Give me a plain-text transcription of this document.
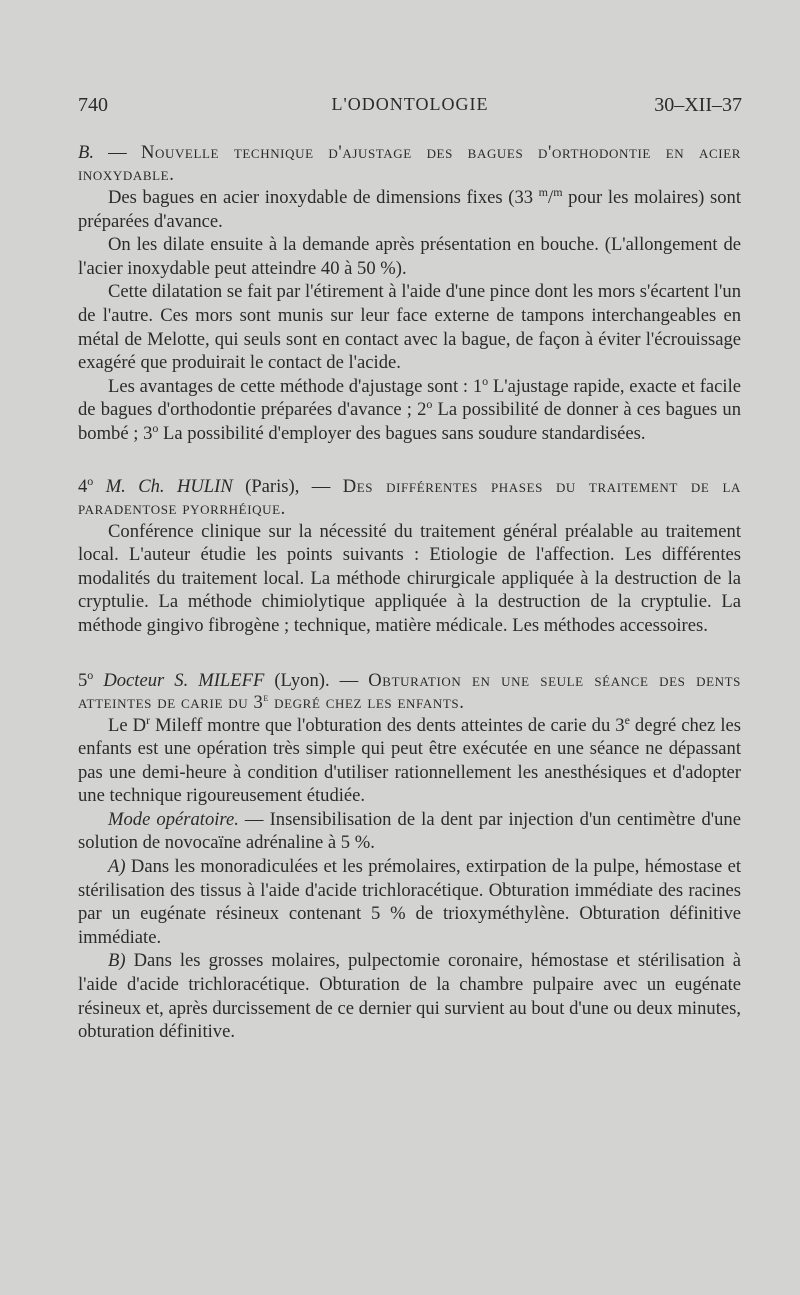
740	L'ODONTOLOGIE	30–XII–37

B. — Nouvelle technique d'ajustage des bagues d'orthodontie en acier inoxydable.

Des bagues en acier inoxydable de dimensions fixes (33 $^m$/$^m$ pour les molaires) sont préparées d'avance.

On les dilate ensuite à la demande après présentation en bouche. (L'allongement de l'acier inoxydable peut atteindre 40 à 50 %).

Cette dilatation se fait par l'étirement à l'aide d'une pince dont les mors s'écartent l'un de l'autre. Ces mors sont munis sur leur face externe de tampons interchangeables en métal de Melotte, qui seuls sont en contact avec la bague, de façon à éviter l'écrouissage exagéré que produirait le contact de l'acide.

Les avantages de cette méthode d'ajustage sont : 1$^o$ L'ajustage rapide, exacte et facile de bagues d'orthodontie préparées d'avance ; 2$^o$ La possibilité de donner à ces bagues un bombé ; 3$^o$ La possibilité d'employer des bagues sans soudure standardisées.

4$^o$ M. Ch. HULIN (Paris), — Des différentes phases du traitement de la paradentose pyorrhéique.

Conférence clinique sur la nécessité du traitement général préalable au traitement local. L'auteur étudie les points suivants : Etiologie de l'affection. Les différentes modalités du traitement local. La méthode chirurgicale appliquée à la destruction de la cryptulie. La méthode chimiolytique appliquée à la destruction de la cryptulie. La méthode gingivo fibrogène ; technique, matière médicale. Les méthodes accessoires.

5$^o$ Docteur S. MILEFF (Lyon). — Obturation en une seule séance des dents atteintes de carie du 3e degré chez les enfants.

Le $D^r$ Mileff montre que l'obturation des dents atteintes de carie du 3e degré chez les enfants est une opération très simple qui peut être exécutée en une séance ne dépassant pas une demi-heure à condition d'utiliser rationnellement les anesthésiques et d'adopter une technique rigoureusement étudiée.

Mode opératoire. — Insensibilisation de la dent par injection d'un centimètre d'une solution de novocaïne adrénaline à 5 %.

A) Dans les monoradiculées et les prémolaires, extirpation de la pulpe, hémostase et stérilisation des tissus à l'aide d'acide trichloracétique. Obturation immédiate des racines par un eugénate résineux contenant 5 % de trioxyméthylène. Obturation définitive immédiate.

B) Dans les grosses molaires, pulpectomie coronaire, hémostase et stérilisation à l'aide d'acide trichloracétique. Obturation de la chambre pulpaire avec un eugénate résineux et, après durcissement de ce dernier qui survient au bout d'une ou deux minutes, obturation définitive.
